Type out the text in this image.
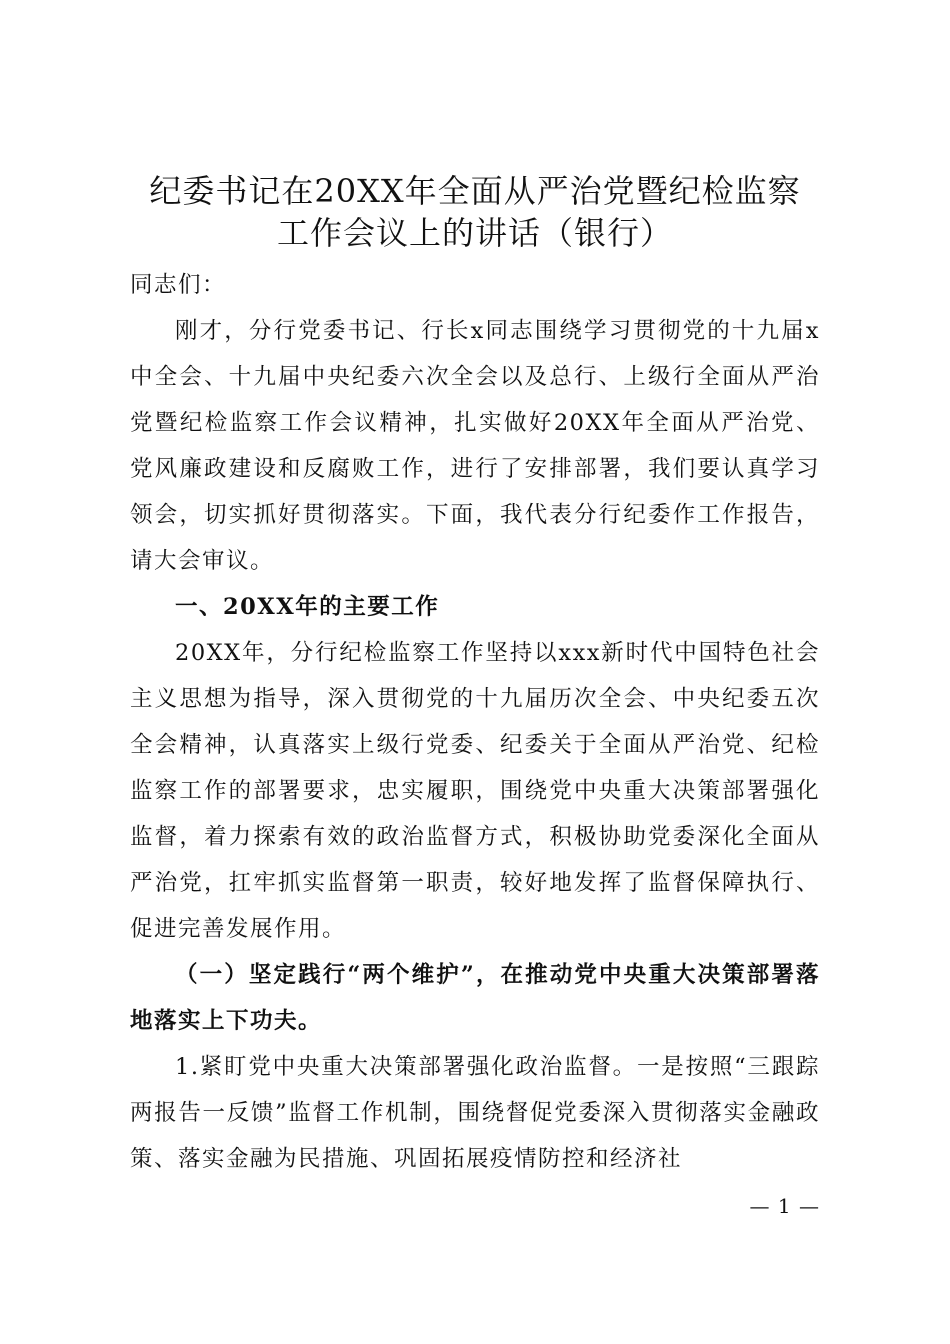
纪委书记在20XX年全面从严治党暨纪检监察
工作会议上的讲话（银行）

同志们：

刚才，分行党委书记、行长x同志围绕学习贯彻党的十九届x中全会、十九届中央纪委六次全会以及总行、上级行全面从严治党暨纪检监察工作会议精神，扎实做好20XX年全面从严治党、党风廉政建设和反腐败工作，进行了安排部署，我们要认真学习领会，切实抓好贯彻落实。下面，我代表分行纪委作工作报告，请大会审议。

一、20XX年的主要工作

20XX年，分行纪检监察工作坚持以xxx新时代中国特色社会主义思想为指导，深入贯彻党的十九届历次全会、中央纪委五次全会精神，认真落实上级行党委、纪委关于全面从严治党、纪检监察工作的部署要求，忠实履职，围绕党中央重大决策部署强化监督，着力探索有效的政治监督方式，积极协助党委深化全面从严治党，扛牢抓实监督第一职责，较好地发挥了监督保障执行、促进完善发展作用。

（一）坚定践行“两个维护”，在推动党中央重大决策部署落地落实上下功夫。

1.紧盯党中央重大决策部署强化政治监督。一是按照“三跟踪两报告一反馈”监督工作机制，围绕督促党委深入贯彻落实金融政策、落实金融为民措施、巩固拓展疫情防控和经济社

— 1 —
